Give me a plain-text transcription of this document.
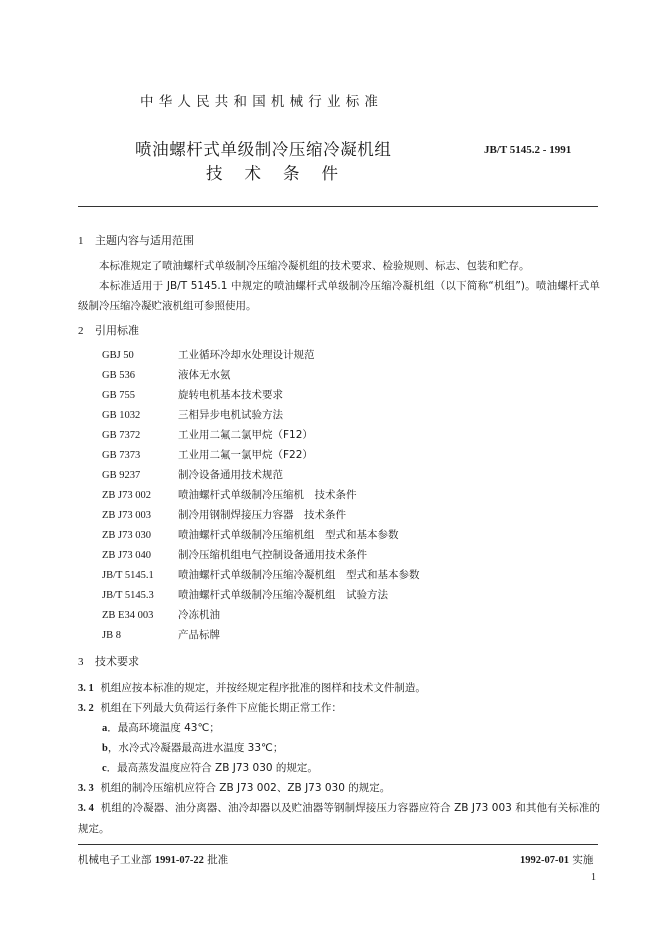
中华人民共和国机械行业标准
喷油螺杆式单级制冷压缩冷凝机组
技术条件
JB/T 5145.2 - 1991
1 主题内容与适用范围
本标准规定了喷油螺杆式单级制冷压缩冷凝机组的技术要求、检验规则、标志、包装和贮存。
本标准适用于 JB/T 5145.1 中规定的喷油螺杆式单级制冷压缩冷凝机组（以下简称“机组”)。喷油螺杆式单级制冷压缩冷凝贮液机组可参照使用。
2 引用标准
GBJ 50	工业循环冷却水处理设计规范
GB 536	液体无水氨
GB 755	旋转电机基本技术要求
GB 1032	三相异步电机试验方法
GB 7372	工业用二氟二氯甲烷（F12）
GB 7373	工业用二氟一氯甲烷（F22）
GB 9237	制冷设备通用技术规范
ZB J73 002	喷油螺杆式单级制冷压缩机　技术条件
ZB J73 003	制冷用钢制焊接压力容器　技术条件
ZB J73 030	喷油螺杆式单级制冷压缩机组　型式和基本参数
ZB J73 040	制冷压缩机组电气控制设备通用技术条件
JB/T 5145.1 喷油螺杆式单级制冷压缩冷凝机组　型式和基本参数
JB/T 5145.3 喷油螺杆式单级制冷压缩冷凝机组　试验方法
ZB E34 003 冷冻机油
JB 8	产品标牌
3 技术要求
3. 1 机组应按本标准的规定，并按经规定程序批准的图样和技术文件制造。
3. 2 机组在下列最大负荷运行条件下应能长期正常工作：
a．最高环境温度 43℃；
b，水冷式冷凝器最高进水温度 33℃；
c．最高蒸发温度应符合 ZB J73 030 的规定。
3. 3 机组的制冷压缩机应符合 ZB J73 002、ZB J73 030 的规定。
3. 4 机组的冷凝器、油分离器、油冷却器以及贮油器等钢制焊接压力容器应符合 ZB J73 003 和其他有关标准的规定。
机械电子工业部 1991-07-22 批准	1992-07-01 实施
1
